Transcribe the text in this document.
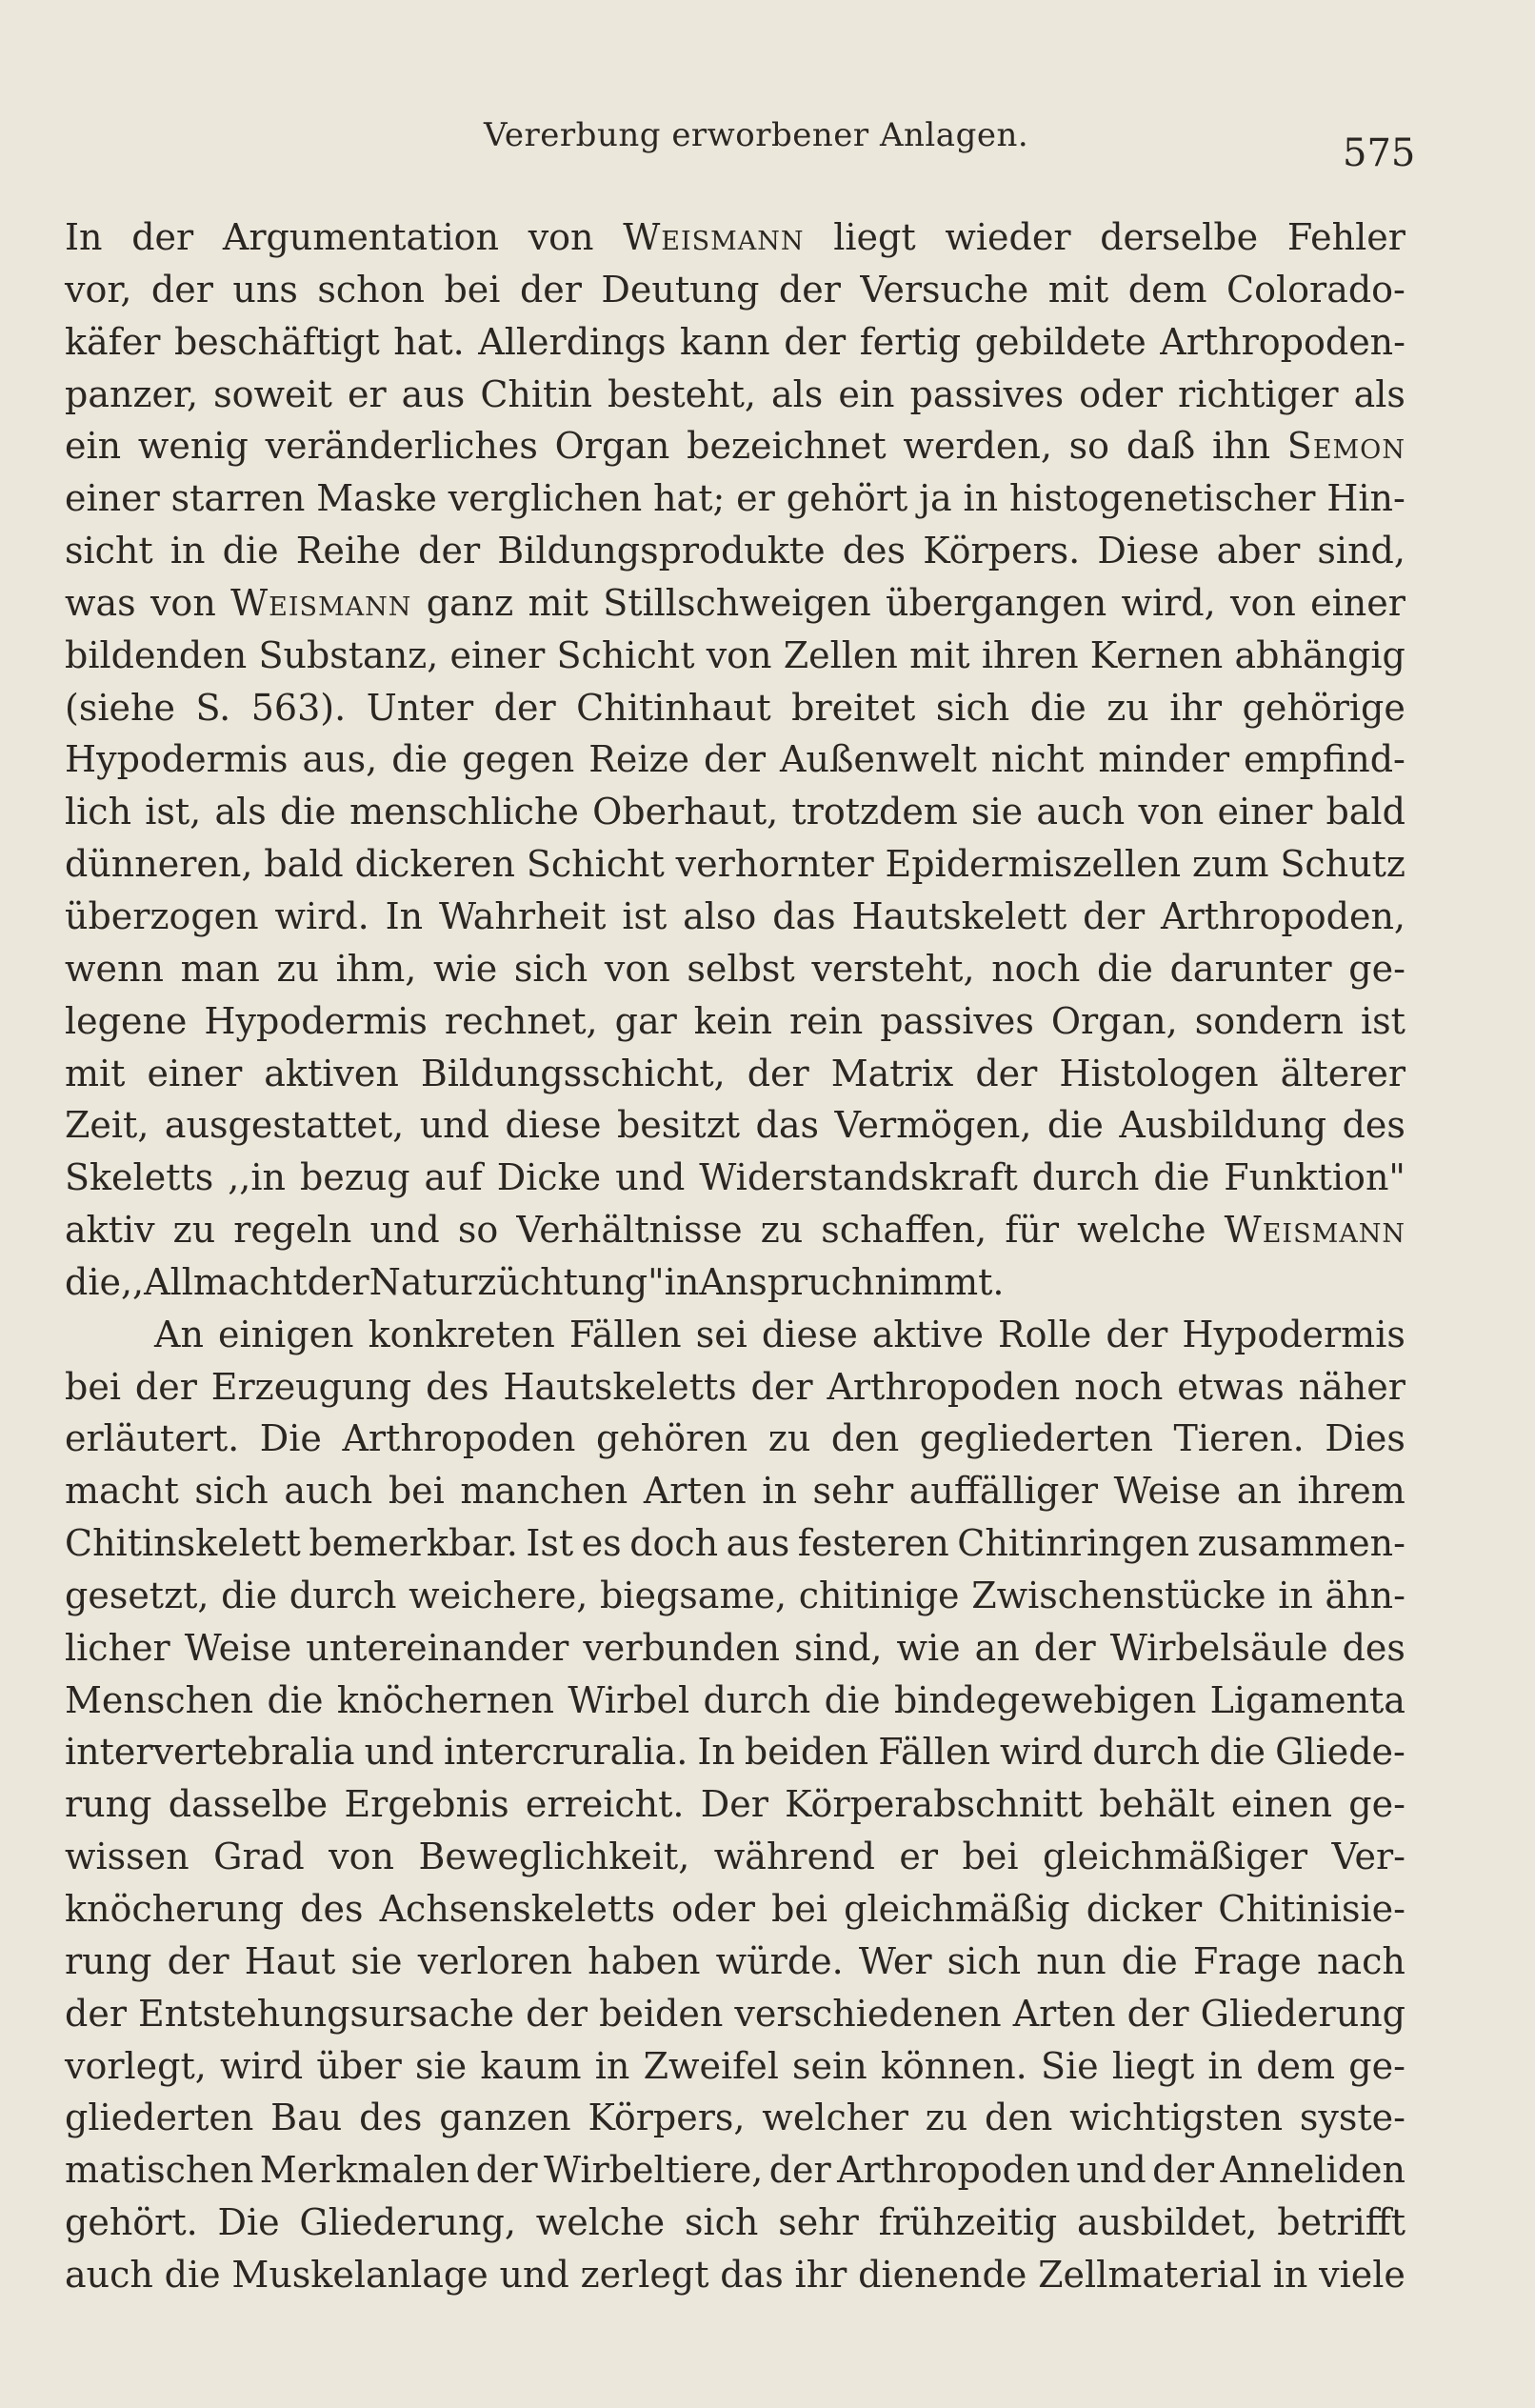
Vererbung erworbener Anlagen.	575
In der Argumentation von Weismann liegt wieder derselbe Fehler
vor, der uns schon bei der Deutung der Versuche mit dem Colorado-
käfer beschäftigt hat. Allerdings kann der fertig gebildete Arthropoden-
panzer, soweit er aus Chitin besteht, als ein passives oder richtiger als
ein wenig veränderliches Organ bezeichnet werden, so daß ihn Semon
einer starren Maske verglichen hat; er gehört ja in histogenetischer Hin-
sicht in die Reihe der Bildungsprodukte des Körpers. Diese aber sind,
was von Weismann ganz mit Stillschweigen übergangen wird, von einer
bildenden Substanz, einer Schicht von Zellen mit ihren Kernen abhängig
(siehe S. 563). Unter der Chitinhaut breitet sich die zu ihr gehörige
Hypodermis aus, die gegen Reize der Außenwelt nicht minder empfind-
lich ist, als die menschliche Oberhaut, trotzdem sie auch von einer bald
dünneren, bald dickeren Schicht verhornter Epidermiszellen zum Schutz
überzogen wird. In Wahrheit ist also das Hautskelett der Arthropoden,
wenn man zu ihm, wie sich von selbst versteht, noch die darunter ge-
legene Hypodermis rechnet, gar kein rein passives Organ, sondern ist
mit einer aktiven Bildungsschicht, der Matrix der Histologen älterer
Zeit, ausgestattet, und diese besitzt das Vermögen, die Ausbildung des
Skeletts ,,in bezug auf Dicke und Widerstandskraft durch die Funktion"
aktiv zu regeln und so Verhältnisse zu schaffen, für welche Weismann
die ,,Allmacht der Naturzüchtung" in Anspruch nimmt.
An einigen konkreten Fällen sei diese aktive Rolle der Hypodermis
bei der Erzeugung des Hautskeletts der Arthropoden noch etwas näher
erläutert. Die Arthropoden gehören zu den gegliederten Tieren. Dies
macht sich auch bei manchen Arten in sehr auffälliger Weise an ihrem
Chitinskelett bemerkbar. Ist es doch aus festeren Chitinringen zusammen-
gesetzt, die durch weichere, biegsame, chitinige Zwischenstücke in ähn-
licher Weise untereinander verbunden sind, wie an der Wirbelsäule des
Menschen die knöchernen Wirbel durch die bindegewebigen Ligamenta
intervertebralia und intercruralia. In beiden Fällen wird durch die Gliede-
rung dasselbe Ergebnis erreicht. Der Körperabschnitt behält einen ge-
wissen Grad von Beweglichkeit, während er bei gleichmäßiger Ver-
knöcherung des Achsenskeletts oder bei gleichmäßig dicker Chitinisie-
rung der Haut sie verloren haben würde. Wer sich nun die Frage nach
der Entstehungsursache der beiden verschiedenen Arten der Gliederung
vorlegt, wird über sie kaum in Zweifel sein können. Sie liegt in dem ge-
gliederten Bau des ganzen Körpers, welcher zu den wichtigsten syste-
matischen Merkmalen der Wirbeltiere, der Arthropoden und der Anneliden
gehört. Die Gliederung, welche sich sehr frühzeitig ausbildet, betrifft
auch die Muskelanlage und zerlegt das ihr dienende Zellmaterial in viele
